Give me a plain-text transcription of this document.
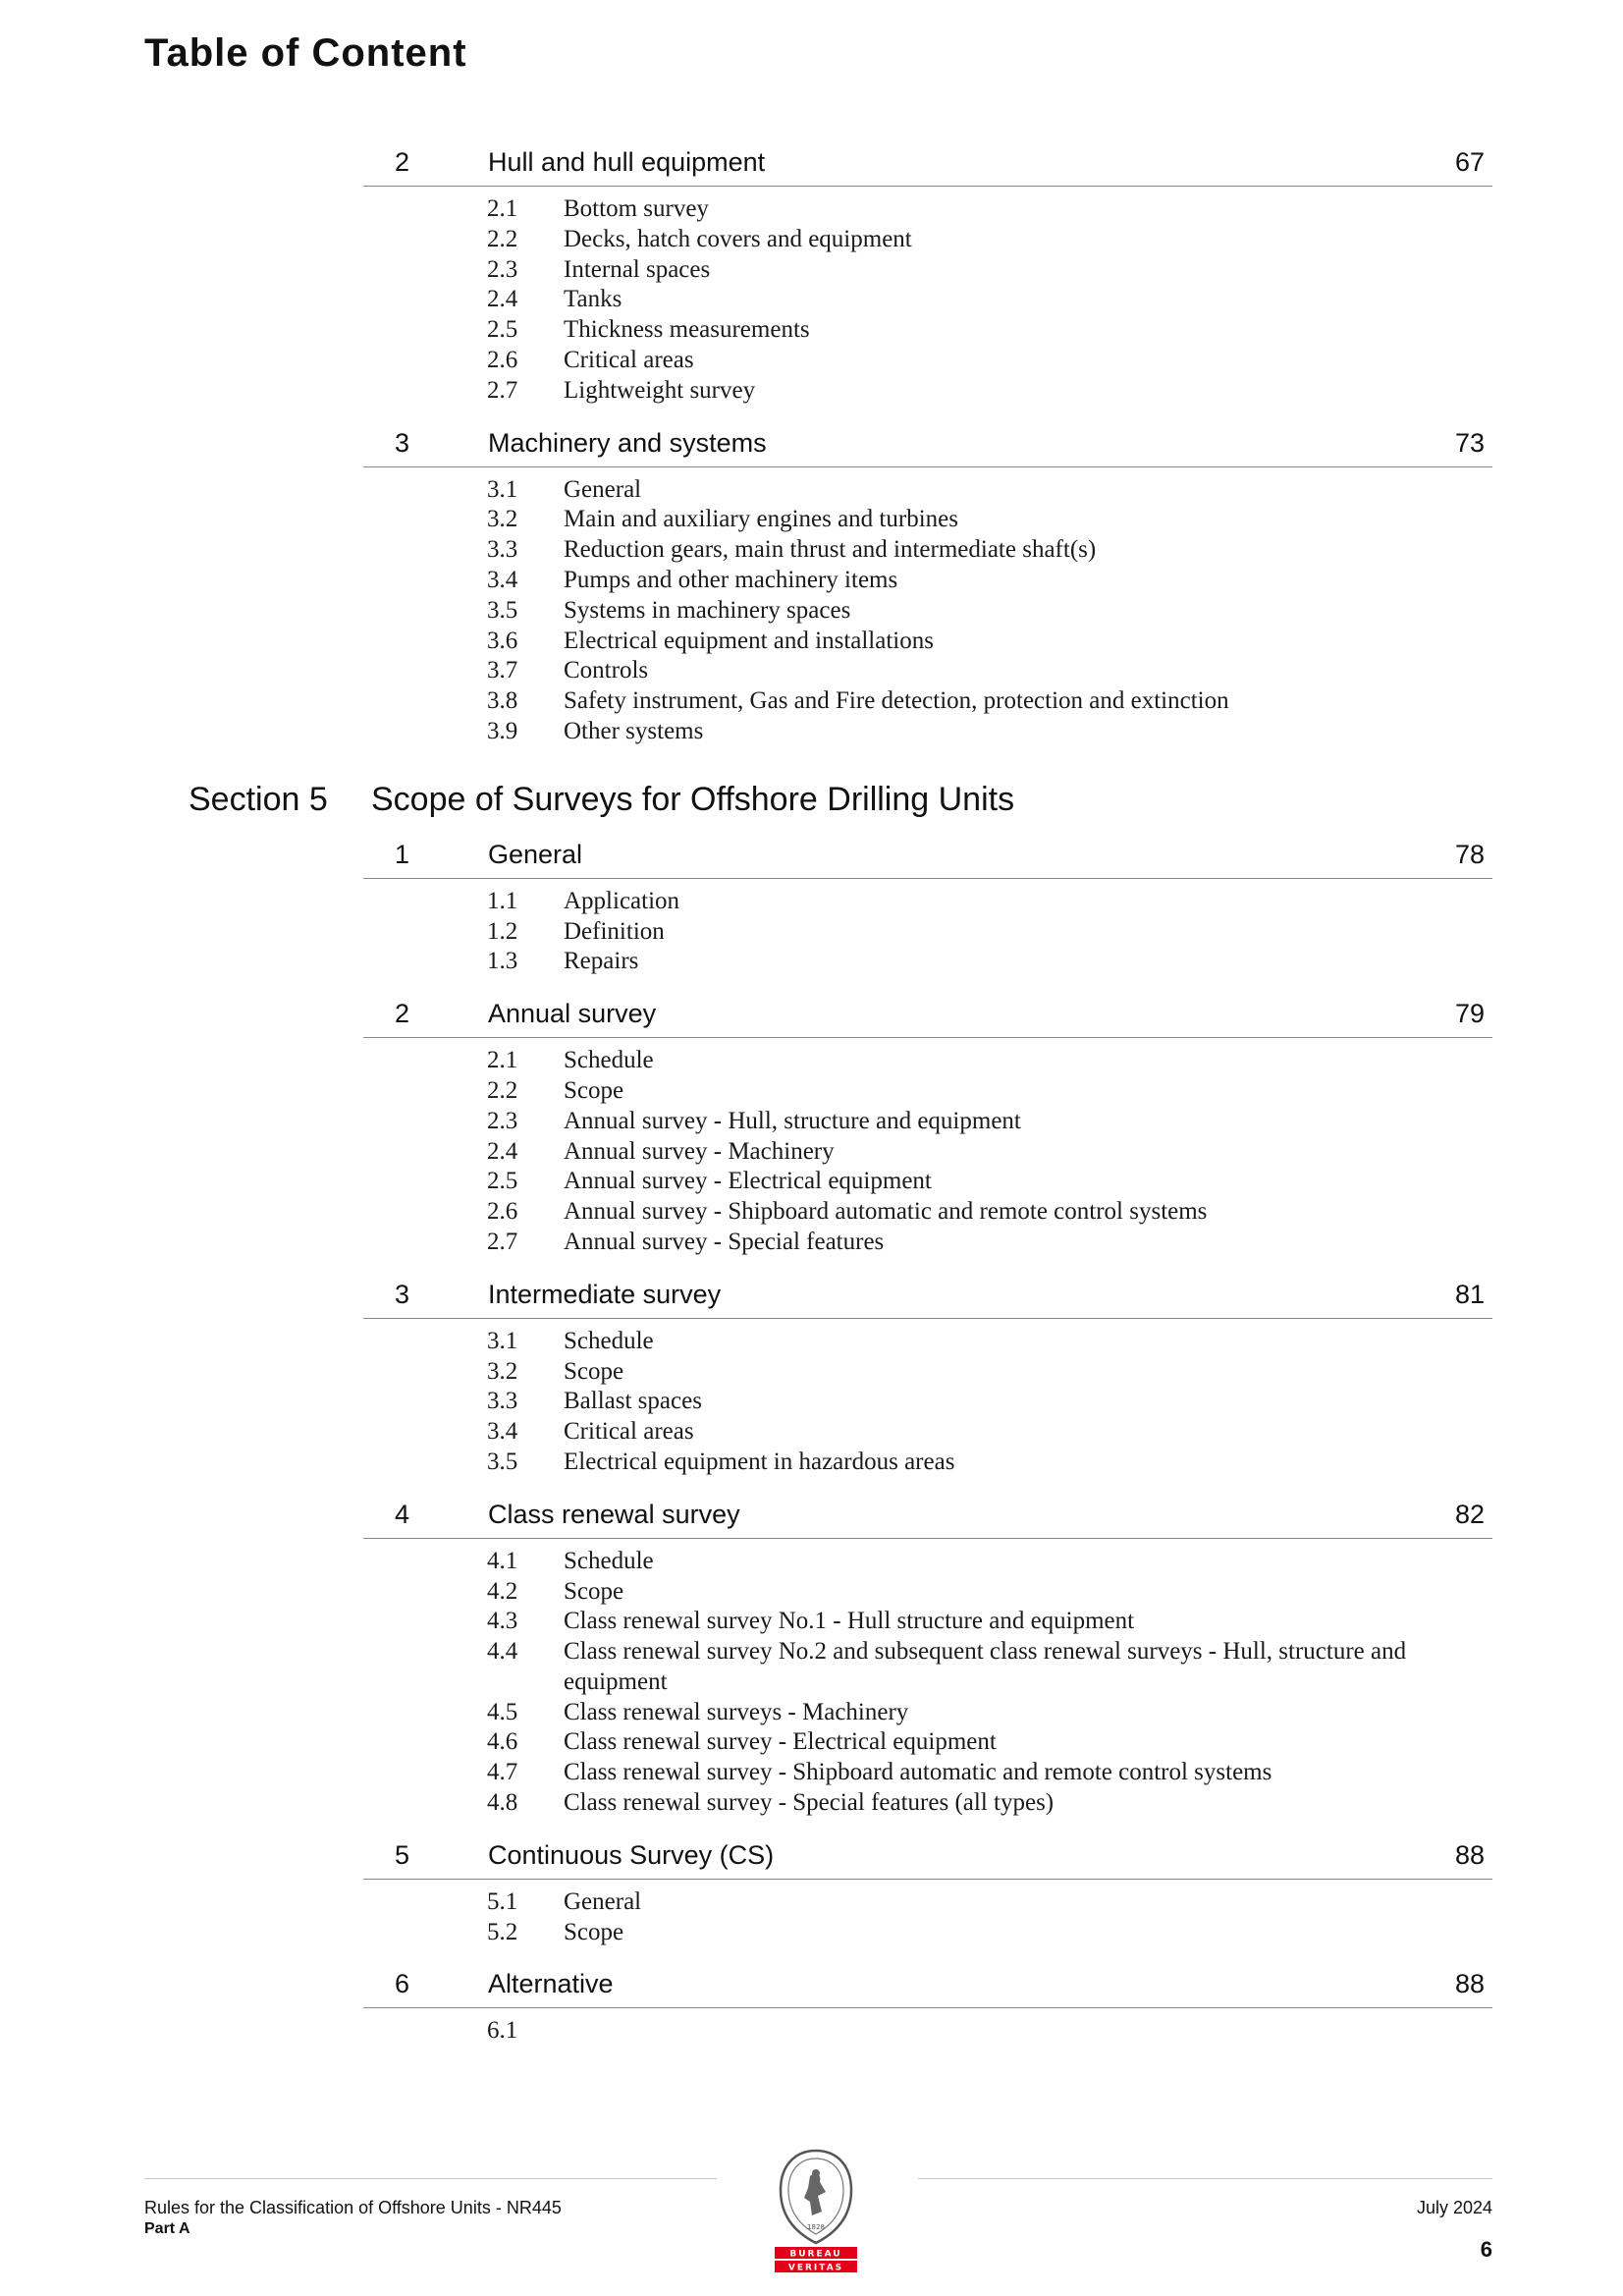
Table of Content
2	Hull and hull equipment	67
2.1 Bottom survey
2.2 Decks, hatch covers and equipment
2.3 Internal spaces
2.4 Tanks
2.5 Thickness measurements
2.6 Critical areas
2.7 Lightweight survey
3	Machinery and systems	73
3.1 General
3.2 Main and auxiliary engines and turbines
3.3 Reduction gears, main thrust and intermediate shaft(s)
3.4 Pumps and other machinery items
3.5 Systems in machinery spaces
3.6 Electrical equipment and installations
3.7 Controls
3.8 Safety instrument, Gas and Fire detection, protection and extinction
3.9 Other systems
Section 5 Scope of Surveys for Offshore Drilling Units
1	General	78
1.1 Application
1.2 Definition
1.3 Repairs
2	Annual survey	79
2.1 Schedule
2.2 Scope
2.3 Annual survey - Hull, structure and equipment
2.4 Annual survey - Machinery
2.5 Annual survey - Electrical equipment
2.6 Annual survey - Shipboard automatic and remote control systems
2.7 Annual survey - Special features
3	Intermediate survey	81
3.1 Schedule
3.2 Scope
3.3 Ballast spaces
3.4 Critical areas
3.5 Electrical equipment in hazardous areas
4	Class renewal survey	82
4.1 Schedule
4.2 Scope
4.3 Class renewal survey No.1 - Hull structure and equipment
4.4 Class renewal survey No.2 and subsequent class renewal surveys - Hull, structure and equipment
4.5 Class renewal surveys - Machinery
4.6 Class renewal survey - Electrical equipment
4.7 Class renewal survey - Shipboard automatic and remote control systems
4.8 Class renewal survey - Special features (all types)
5	Continuous Survey (CS)	88
5.1 General
5.2 Scope
6	Alternative	88
6.1

Rules for the Classification of Offshore Units - NR445
Part A
July 2024
6
1828
BUREAU
VERITAS
